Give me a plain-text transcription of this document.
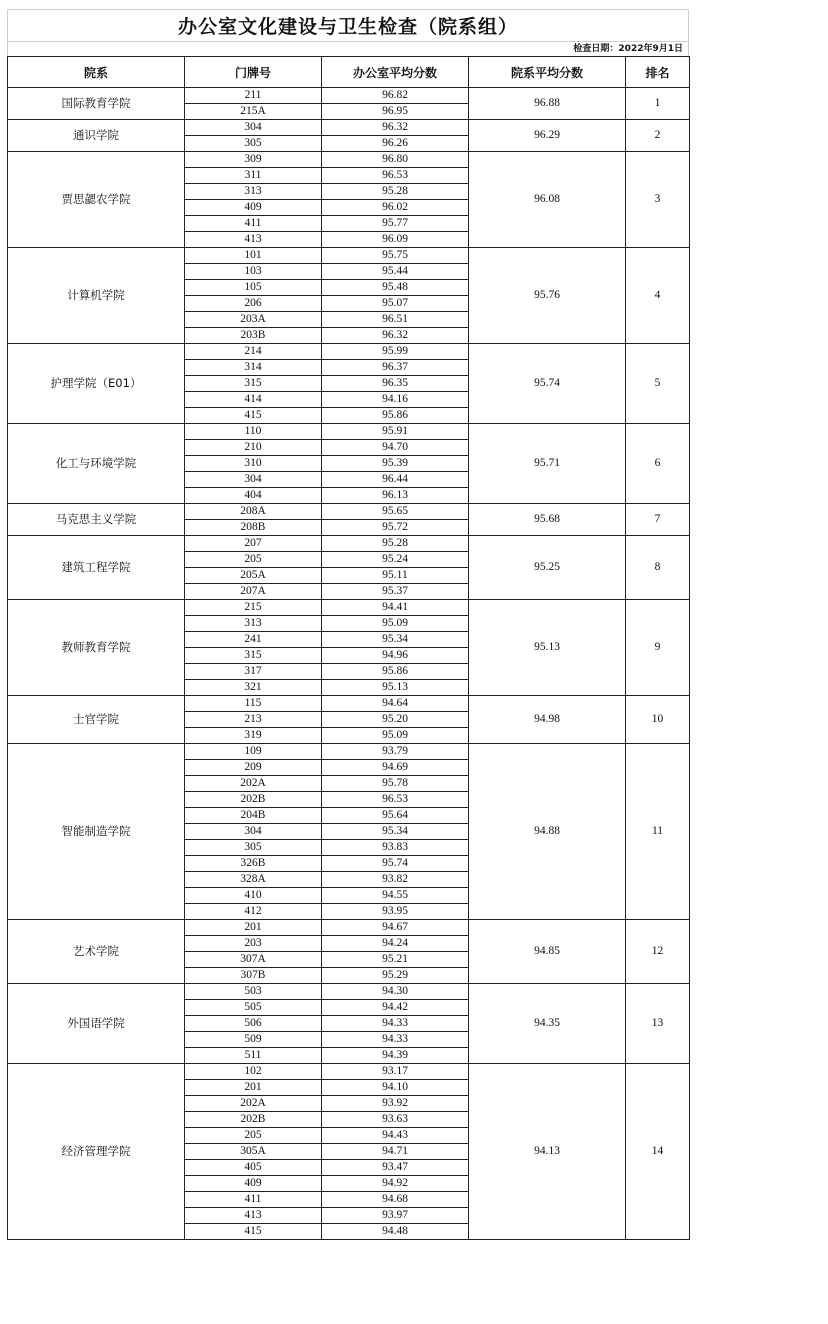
办公室文化建设与卫生检查（院系组）
检查日期：2022年9月1日
院系	门牌号	办公室平均分数	院系平均分数	排名
国际教育学院	211	96.82	96.88	1
	215A	96.95		
通识学院	304	96.32	96.29	2
	305	96.26		
贾思勰农学院	309	96.80	96.08	3
	311	96.53		
	313	95.28		
	409	96.02		
	411	95.77		
	413	96.09		
计算机学院	101	95.75	95.76	4
	103	95.44		
	105	95.48		
	206	95.07		
	203A	96.51		
	203B	96.32		
护理学院（E01）	214	95.99	95.74	5
	314	96.37		
	315	96.35		
	414	94.16		
	415	95.86		
化工与环境学院	110	95.91	95.71	6
	210	94.70		
	310	95.39		
	304	96.44		
	404	96.13		
马克思主义学院	208A	95.65	95.68	7
	208B	95.72		
建筑工程学院	207	95.28	95.25	8
	205	95.24		
	205A	95.11		
	207A	95.37		
教师教育学院	215	94.41	95.13	9
	313	95.09		
	241	95.34		
	315	94.96		
	317	95.86		
	321	95.13		
士官学院	115	94.64	94.98	10
	213	95.20		
	319	95.09		
智能制造学院	109	93.79	94.88	11
	209	94.69		
	202A	95.78		
	202B	96.53		
	204B	95.64		
	304	95.34		
	305	93.83		
	326B	95.74		
	328A	93.82		
	410	94.55		
	412	93.95		
艺术学院	201	94.67	94.85	12
	203	94.24		
	307A	95.21		
	307B	95.29		
外国语学院	503	94.30	94.35	13
	505	94.42		
	506	94.33		
	509	94.33		
	511	94.39		
经济管理学院	102	93.17	94.13	14
	201	94.10		
	202A	93.92		
	202B	93.63		
	205	94.43		
	305A	94.71		
	405	93.47		
	409	94.92		
	411	94.68		
	413	93.97		
	415	94.48		
